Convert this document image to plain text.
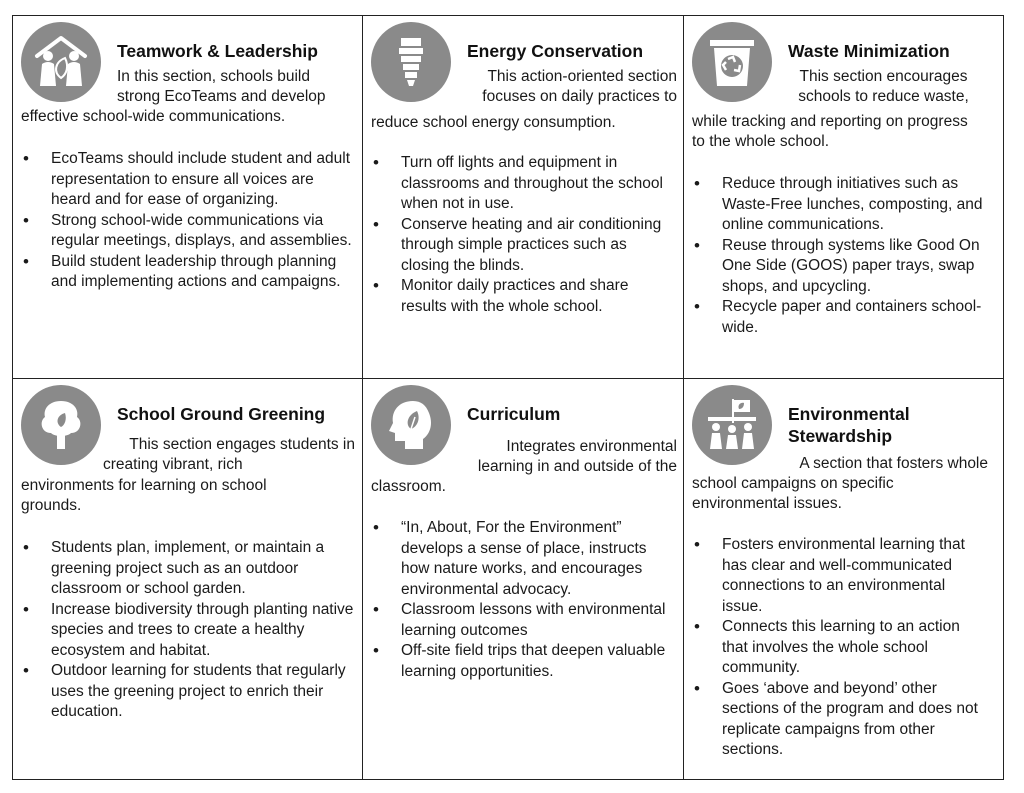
Teamwork & Leadership
In this section, schools build
strong EcoTeams and develop
effective school-wide communications.
• EcoTeams should include student and adult representation to ensure all voices are heard and for ease of organizing.
• Strong school-wide communications via regular meetings, displays, and assemblies.
• Build student leadership through planning and implementing actions and campaigns.
Energy Conservation
This action-oriented section
focuses on daily practices to
reduce school energy consumption.
• Turn off lights and equipment in classrooms and throughout the school when not in use.
• Conserve heating and air conditioning through simple practices such as closing the blinds.
• Monitor daily practices and share results with the whole school.
Waste Minimization
This section encourages
schools to reduce waste,
while tracking and reporting on progress
to the whole school.
• Reduce through initiatives such as Waste-Free lunches, composting, and online communications.
• Reuse through systems like Good On One Side (GOOS) paper trays, swap shops, and upcycling.
• Recycle paper and containers school-wide.
School Ground Greening
This section engages students in
creating vibrant, rich
environments for learning on school
grounds.
• Students plan, implement, or maintain a greening project such as an outdoor classroom or school garden.
• Increase biodiversity through planting native species and trees to create a healthy ecosystem and habitat.
• Outdoor learning for students that regularly uses the greening project to enrich their education.
Curriculum
Integrates environmental
learning in and outside of the
classroom.
• “In, About, For the Environment” develops a sense of place, instructs how nature works, and encourages environmental advocacy.
• Classroom lessons with environmental learning outcomes
• Off-site field trips that deepen valuable learning opportunities.
Environmental
Stewardship
A section that fosters whole
school campaigns on specific
environmental issues.
• Fosters environmental learning that has clear and well-communicated connections to an environmental issue.
• Connects this learning to an action that involves the whole school community.
• Goes ‘above and beyond’ other sections of the program and does not replicate campaigns from other sections.
